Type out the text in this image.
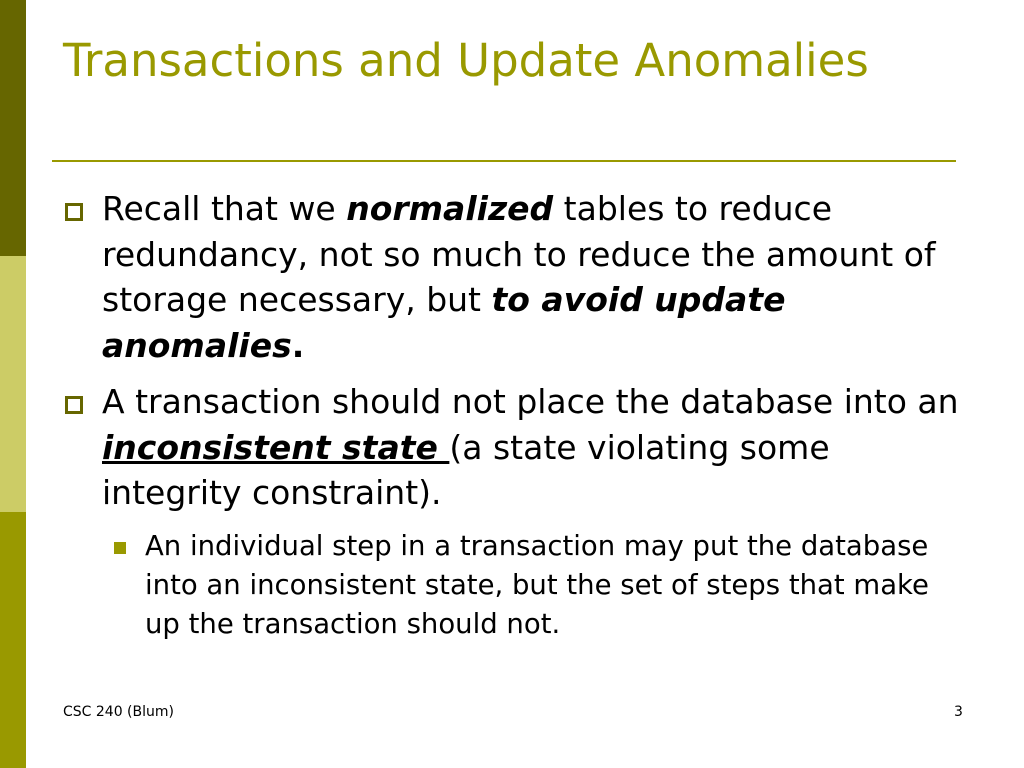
Transactions and Update Anomalies
Recall that we normalized tables to reduce redundancy, not so much to reduce the amount of storage necessary, but to avoid update anomalies.
A transaction should not place the database into an inconsistent state (a state violating some integrity constraint).
An individual step in a transaction may put the database into an inconsistent state, but the set of steps that make up the transaction should not.
CSC 240 (Blum)	3
